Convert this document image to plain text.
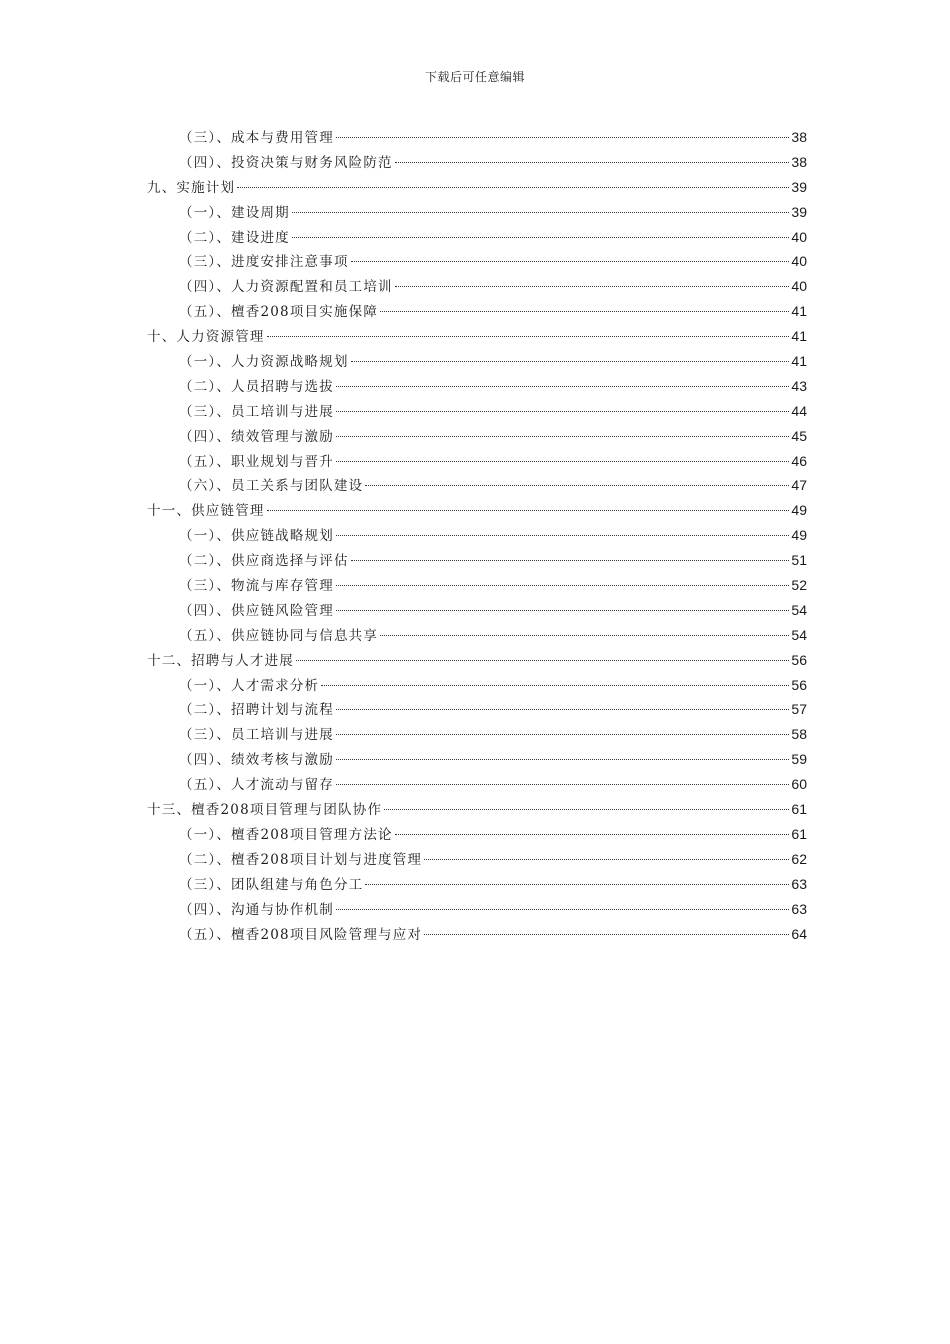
下载后可任意编辑
（三）、成本与费用管理	38
（四）、投资决策与财务风险防范	38
九、实施计划	39
（一）、建设周期	39
（二）、建设进度	40
（三）、进度安排注意事项	40
（四）、人力资源配置和员工培训	40
（五）、檀香208项目实施保障	41
十、人力资源管理	41
（一）、人力资源战略规划	41
（二）、人员招聘与选拔	43
（三）、员工培训与进展	44
（四）、绩效管理与激励	45
（五）、职业规划与晋升	46
（六）、员工关系与团队建设	47
十一、供应链管理	49
（一）、供应链战略规划	49
（二）、供应商选择与评估	51
（三）、物流与库存管理	52
（四）、供应链风险管理	54
（五）、供应链协同与信息共享	54
十二、招聘与人才进展	56
（一）、人才需求分析	56
（二）、招聘计划与流程	57
（三）、员工培训与进展	58
（四）、绩效考核与激励	59
（五）、人才流动与留存	60
十三、檀香208项目管理与团队协作	61
（一）、檀香208项目管理方法论	61
（二）、檀香208项目计划与进度管理	62
（三）、团队组建与角色分工	63
（四）、沟通与协作机制	63
（五）、檀香208项目风险管理与应对	64
